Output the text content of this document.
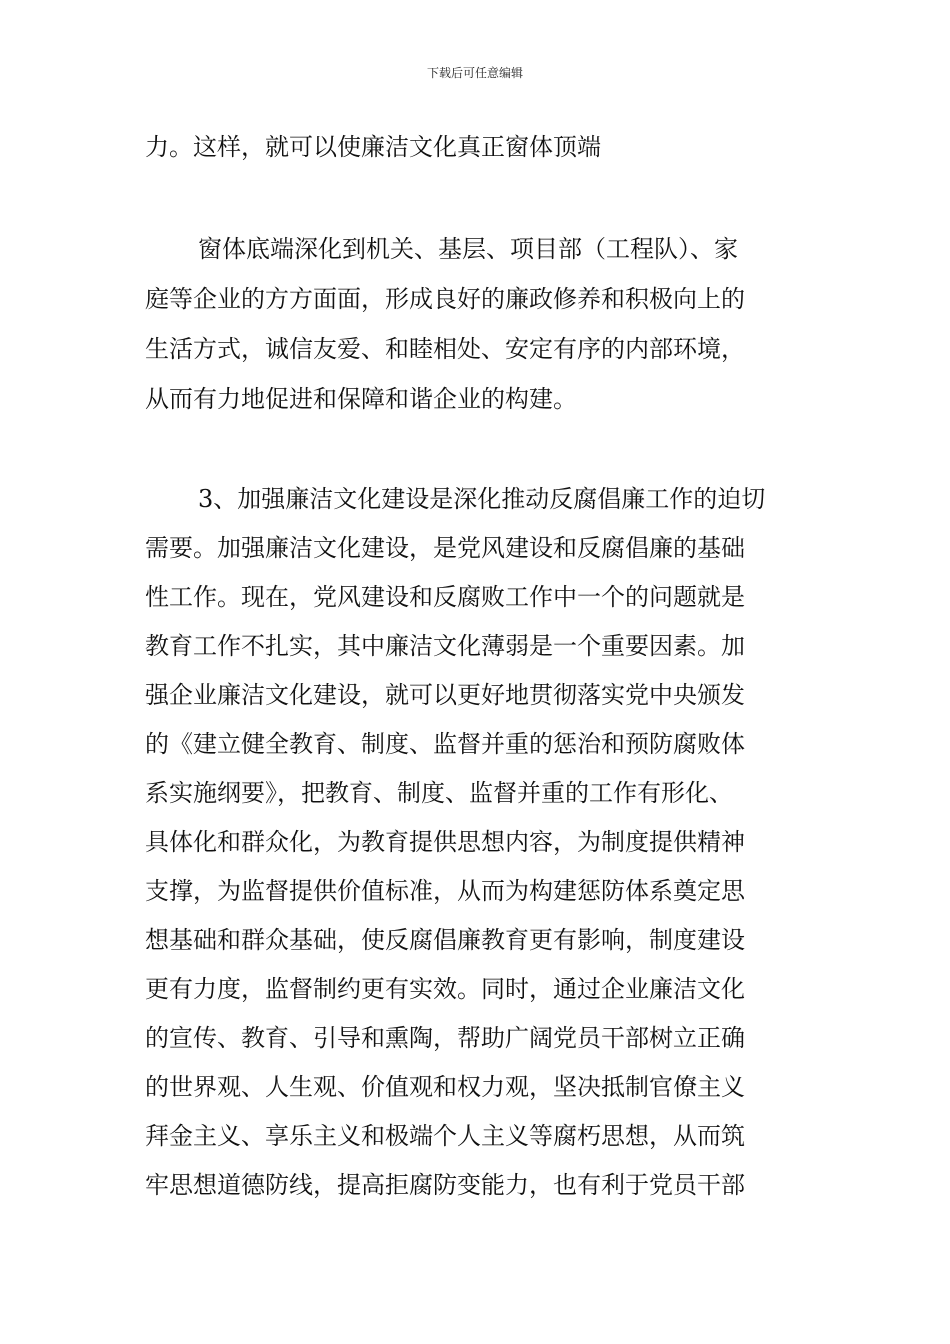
下载后可任意编辑
力。这样，就可以使廉洁文化真正窗体顶端
窗体底端深化到机关、基层、项目部（工程队）、家
庭等企业的方方面面，形成良好的廉政修养和积极向上的
生活方式，诚信友爱、和睦相处、安定有序的内部环境，
从而有力地促进和保障和谐企业的构建。
3、加强廉洁文化建设是深化推动反腐倡廉工作的迫切
需要。加强廉洁文化建设，是党风建设和反腐倡廉的基础
性工作。现在，党风建设和反腐败工作中一个的问题就是
教育工作不扎实，其中廉洁文化薄弱是一个重要因素。加
强企业廉洁文化建设，就可以更好地贯彻落实党中央颁发
的《建立健全教育、制度、监督并重的惩治和预防腐败体
系实施纲要》，把教育、制度、监督并重的工作有形化、
具体化和群众化，为教育提供思想内容，为制度提供精神
支撑，为监督提供价值标准，从而为构建惩防体系奠定思
想基础和群众基础，使反腐倡廉教育更有影响，制度建设
更有力度，监督制约更有实效。同时，通过企业廉洁文化
的宣传、教育、引导和熏陶，帮助广阔党员干部树立正确
的世界观、人生观、价值观和权力观，坚决抵制官僚主义
拜金主义、享乐主义和极端个人主义等腐朽思想，从而筑
牢思想道德防线，提高拒腐防变能力，也有利于党员干部
